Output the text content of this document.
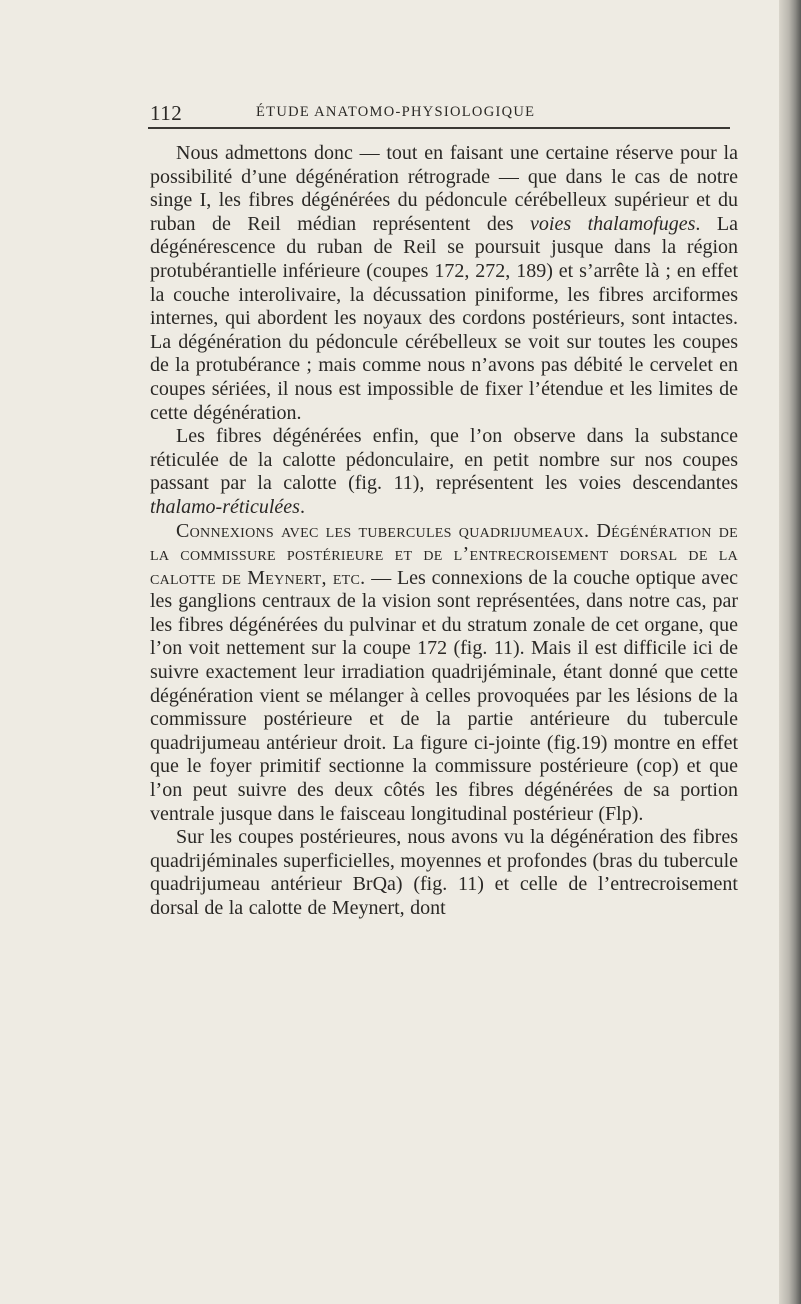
112	ÉTUDE ANATOMO-PHYSIOLOGIQUE

Nous admettons donc — tout en faisant une certaine réserve pour la possibilité d’une dégénération rétrograde — que dans le cas de notre singe I, les fibres dégénérées du pédoncule cérébelleux supérieur et du ruban de Reil médian représentent des voies thalamofuges. La dégénérescence du ruban de Reil se poursuit jusque dans la région protubérantielle inférieure (coupes 172, 272, 189) et s’arrête là ; en effet la couche interolivaire, la décussation piniforme, les fibres arciformes internes, qui abordent les noyaux des cordons postérieurs, sont intactes. La dégénération du pédoncule cérébelleux se voit sur toutes les coupes de la protubérance ; mais comme nous n’avons pas débité le cervelet en coupes sériées, il nous est impossible de fixer l’étendue et les limites de cette dégénération.

Les fibres dégénérées enfin, que l’on observe dans la substance réticulée de la calotte pédonculaire, en petit nombre sur nos coupes passant par la calotte (fig. 11), représentent les voies descendantes thalamo-réticulées.

Connexions avec les tubercules quadrijumeaux. Dégénération de la commissure postérieure et de l’entrecroisement dorsal de la calotte de Meynert, etc. — Les connexions de la couche optique avec les ganglions centraux de la vision sont représentées, dans notre cas, par les fibres dégénérées du pulvinar et du stratum zonale de cet organe, que l’on voit nettement sur la coupe 172 (fig. 11). Mais il est difficile ici de suivre exactement leur irradiation quadrijéminale, étant donné que cette dégénération vient se mélanger à celles provoquées par les lésions de la commissure postérieure et de la partie antérieure du tubercule quadrijumeau antérieur droit. La figure ci-jointe (fig.19) montre en effet que le foyer primitif sectionne la commissure postérieure (cop) et que l’on peut suivre des deux côtés les fibres dégénérées de sa portion ventrale jusque dans le faisceau longitudinal postérieur (Flp).

Sur les coupes postérieures, nous avons vu la dégénération des fibres quadrijéminales superficielles, moyennes et profondes (bras du tubercule quadrijumeau antérieur BrQa) (fig. 11) et celle de l’entrecroisement dorsal de la calotte de Meynert, dont
